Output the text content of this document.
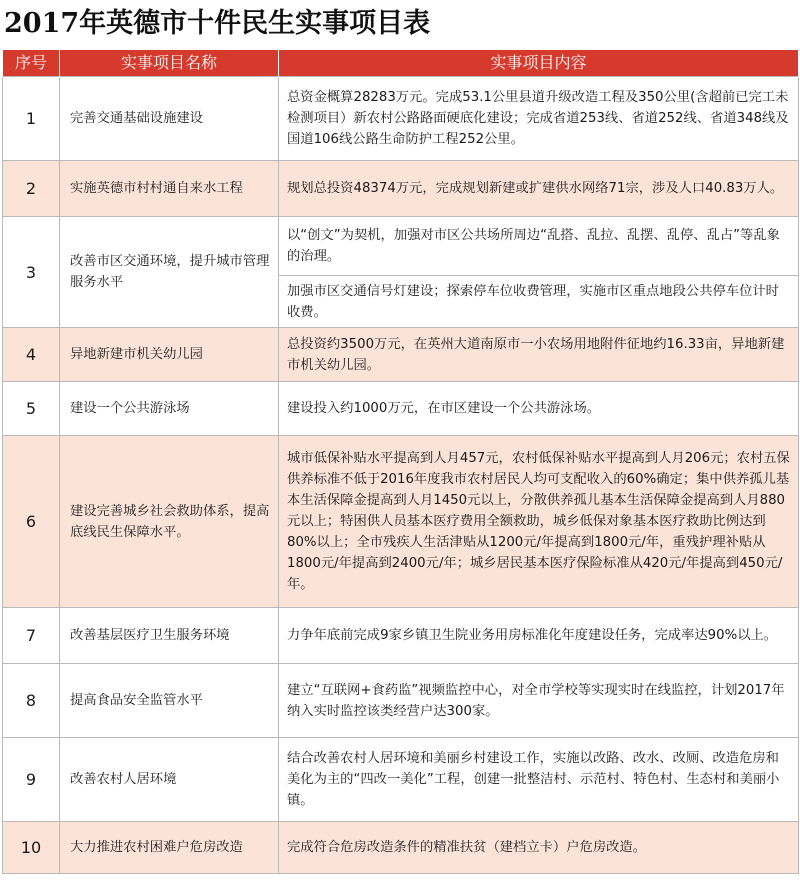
2017年英德市十件民生实事项目表
序号	实事项目名称	实事项目内容
1	完善交通基础设施建设	总资金概算28283万元。完成53.1公里县道升级改造工程及350公里(含超前已完工未检测项目）新农村公路路面硬底化建设；完成省道253线、省道252线、省道348线及国道106线公路生命防护工程252公里。
2	实施英德市村村通自来水工程	规划总投资48374万元，完成规划新建或扩建供水网络71宗，涉及人口40.83万人。
3	改善市区交通环境，提升城市管理服务水平	以“创文”为契机，加强对市区公共场所周边“乱搭、乱拉、乱摆、乱停、乱占”等乱象的治理。
		加强市区交通信号灯建设；探索停车位收费管理，实施市区重点地段公共停车位计时收费。
4	异地新建市机关幼儿园	总投资约3500万元，在英州大道南原市一小农场用地附件征地约16.33亩，异地新建市机关幼儿园。
5	建设一个公共游泳场	建设投入约1000万元，在市区建设一个公共游泳场。
6	建设完善城乡社会救助体系，提高底线民生保障水平。	城市低保补贴水平提高到人月457元，农村低保补贴水平提高到人月206元；农村五保供养标准不低于2016年度我市农村居民人均可支配收入的60%确定；集中供养孤儿基本生活保障金提高到人月1450元以上，分散供养孤儿基本生活保障金提高到人月880元以上；特困供人员基本医疗费用全额救助，城乡低保对象基本医疗救助比例达到80%以上；全市残疾人生活津贴从1200元/年提高到1800元/年，重残护理补贴从1800元/年提高到2400元/年；城乡居民基本医疗保险标准从420元/年提高到450元/年。
7	改善基层医疗卫生服务环境	力争年底前完成9家乡镇卫生院业务用房标准化年度建设任务，完成率达90%以上。
8	提高食品安全监管水平	建立“互联网+食药监”视频监控中心，对全市学校等实现实时在线监控，计划2017年纳入实时监控该类经营户达300家。
9	改善农村人居环境	结合改善农村人居环境和美丽乡村建设工作，实施以改路、改水、改厕、改造危房和美化为主的“四改一美化”工程，创建一批整洁村、示范村、特色村、生态村和美丽小镇。
10	大力推进农村困难户危房改造	完成符合危房改造条件的精准扶贫（建档立卡）户危房改造。
